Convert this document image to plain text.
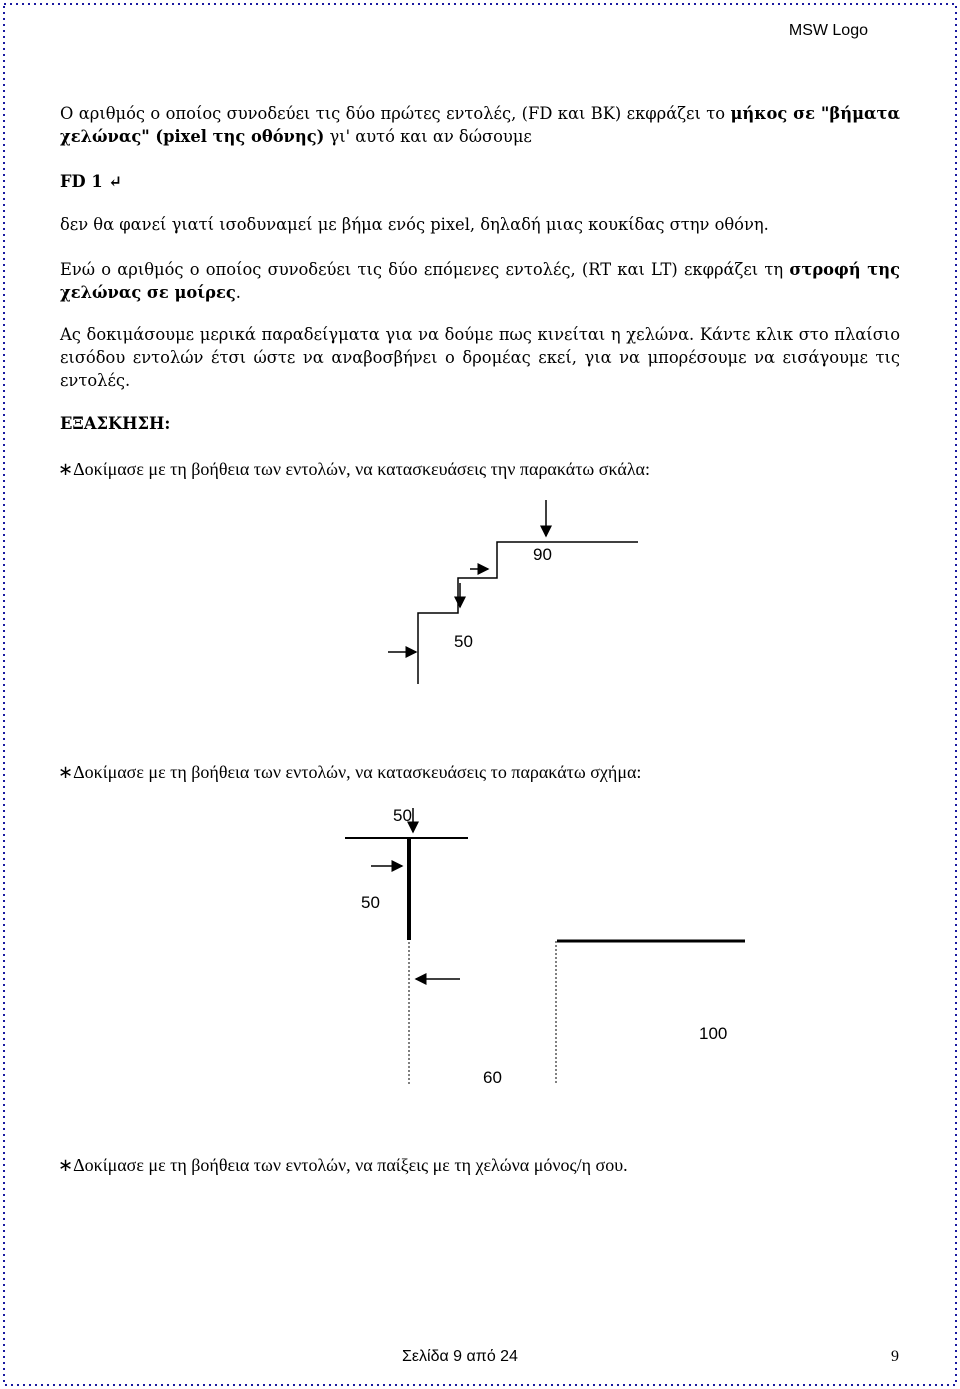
MSW Logo
Ο αριθμός ο οποίος συνοδεύει τις δύο πρώτες εντολές, (FD και BK) εκφράζει το μήκος σε "βήματα χελώνας" (pixel της οθόνης) γι' αυτό και αν δώσουμε
FD 1 ↵
δεν θα φανεί γιατί ισοδυναμεί με βήμα ενός pixel, δηλαδή μιας κουκίδας στην οθόνη.
Ενώ ο αριθμός ο οποίος συνοδεύει τις δύο επόμενες εντολές, (RT και LT) εκφράζει τη στροφή της χελώνας σε μοίρες.
Ας δοκιμάσουμε μερικά παραδείγματα για να δούμε πως κινείται η χελώνα. Κάντε κλικ στο πλαίσιο εισόδου εντολών έτσι ώστε να αναβοσβήνει ο δρομέας εκεί, για να μπορέσουμε να εισάγουμε τις εντολές.
ΕΞΑΣΚΗΣΗ:
∗Δοκίμασε με τη βοήθεια των εντολών, να κατασκευάσεις την παρακάτω σκάλα:
∗Δοκίμασε με τη βοήθεια των εντολών, να κατασκευάσεις το παρακάτω σχήμα:
∗Δοκίμασε με τη βοήθεια των εντολών, να παίξεις με τη χελώνα μόνος/η σου.
90
50
50
50
100
60
Σελίδα 9 από 24	9
